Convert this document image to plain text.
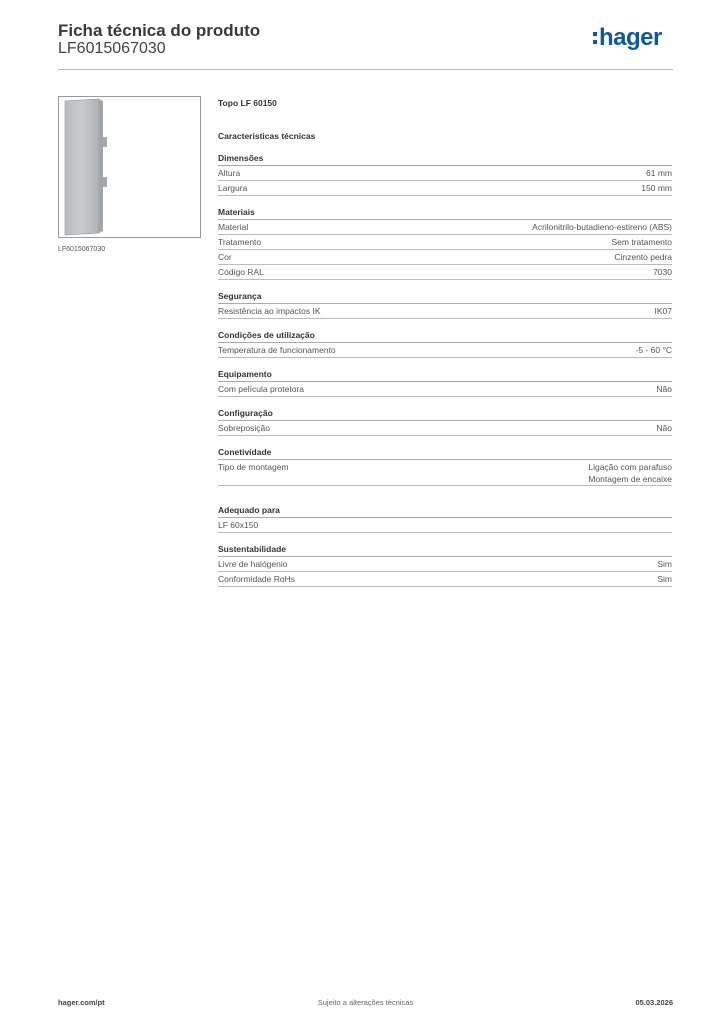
Ficha técnica do produto
LF6015067030	hager
LF6015067030
Topo LF 60150
Características técnicas
Dimensões
Altura	61 mm
Largura	150 mm
Materiais
Material	Acrilonitrilo-butadieno-estireno (ABS)
Tratamento	Sem tratamento
Cor	Cinzento pedra
Código RAL	7030
Segurança
Resistência ao impactos IK	IK07
Condições de utilização
Temperatura de funcionamento	-5 - 60 °C
Equipamento
Com película protetora	Não
Configuração
Sobreposição	Não
Conetividade
Tipo de montagem	Ligação com parafuso
Montagem de encaixe
Adequado para
LF 60x150
Sustentabilidade
Livre de halógenio	Sim
Conformidade RoHs	Sim
hager.com/pt	Sujeito a alterações técnicas	05.03.2026
